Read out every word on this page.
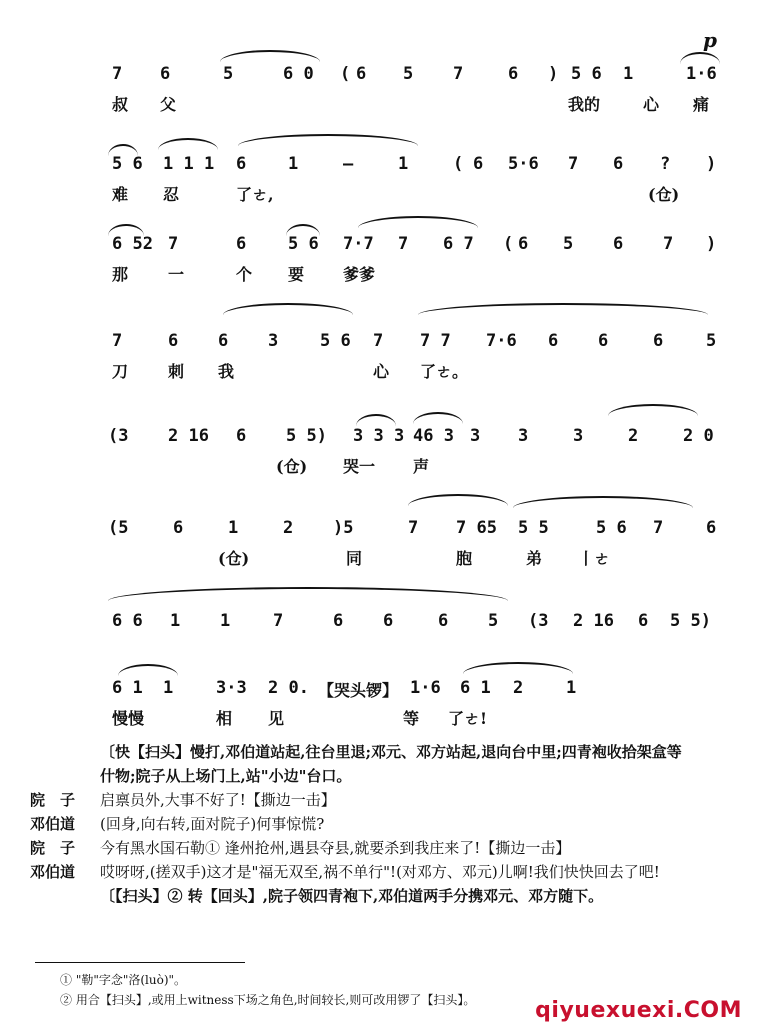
p
7 6	5	6 0 ( 6 5 7	6 ) 5 6 1	1·6
叔 父	我的	心 痛
5 6 1 1 1 6 1	–	1	( 6 5·6 7 6 ? )
难 忍	了ㄜ,	(仓)
6 52 7	6 5 6 7·7 7 6 7 ( 6 5 6 7 )
那 一	个 要 爹爹
7	6 6 3 5 6 7 7 7 7·6 6 6	6	5
刀 刺 我	心 了ㄜ。
(3 2 16 6 5 5) 3 3 3 46 3 3 3	3	2	2 0
(仓) 哭一 声
(5	6	1	2 )5	7 7 65 5 5	5 6 7	6
(仓)	同	胞	弟 丨ㄜ
6 6 1 1	7	6 6	6 5 (3 2 16 6 5 5)
6 1 1	3·3 2 0. 【哭头锣】 1·6 6 1 2	1
慢慢	相 见	等 了ㄜ!
〔快【扫头】慢打,邓伯道站起,往台里退;邓元、邓方站起,退向台中里;四青袍收拾架盒等什物;院子从上场门上,站"小边"台口。
院　子	启禀员外,大事不好了!【撕边一击】
邓伯道	(回身,向右转,面对院子)何事惊慌?
院　子	今有黑水国石勒① 逢州抢州,遇县夺县,就要杀到我庄来了!【撕边一击】
邓伯道	哎呀呀,(搓双手)这才是"福无双至,祸不单行"!(对邓方、邓元)儿啊!我们快快回去了吧!
〔【扫头】② 转【回头】,院子领四青袍下,邓伯道两手分携邓元、邓方随下。
① "勒"字念"洛(luò)"。
② 用合【扫头】,或用上witness下场之角色,时间较长,则可改用锣了【扫头】。	qiyuexuexi.COM
